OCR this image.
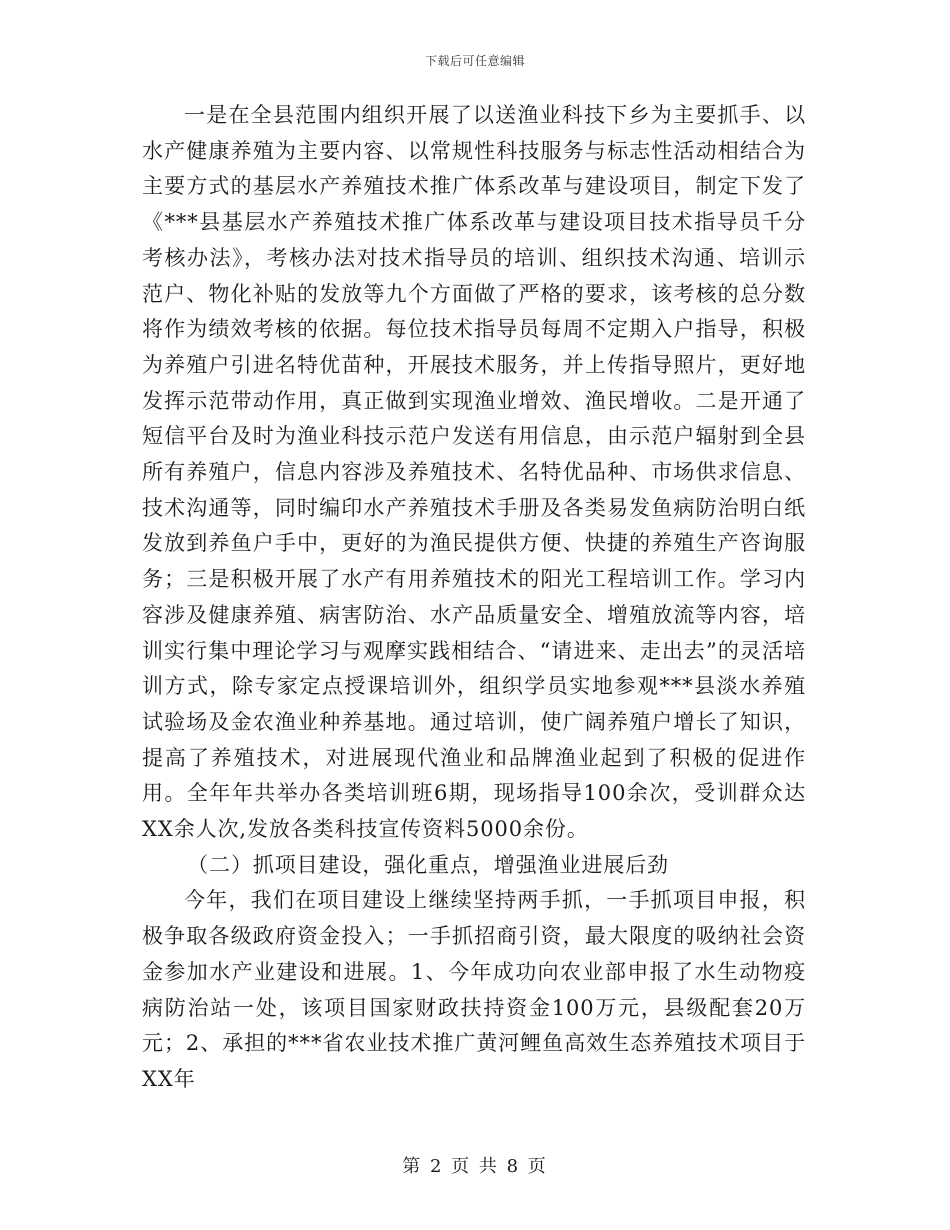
下载后可任意编辑

一是在全县范围内组织开展了以送渔业科技下乡为主要抓手、以水产健康养殖为主要内容、以常规性科技服务与标志性活动相结合为主要方式的基层水产养殖技术推广体系改革与建设项目，制定下发了《***县基层水产养殖技术推广体系改革与建设项目技术指导员千分考核办法》，考核办法对技术指导员的培训、组织技术沟通、培训示范户、物化补贴的发放等九个方面做了严格的要求，该考核的总分数将作为绩效考核的依据。每位技术指导员每周不定期入户指导，积极为养殖户引进名特优苗种，开展技术服务，并上传指导照片，更好地发挥示范带动作用，真正做到实现渔业增效、渔民增收。二是开通了短信平台及时为渔业科技示范户发送有用信息，由示范户辐射到全县所有养殖户，信息内容涉及养殖技术、名特优品种、市场供求信息、技术沟通等，同时编印水产养殖技术手册及各类易发鱼病防治明白纸发放到养鱼户手中，更好的为渔民提供方便、快捷的养殖生产咨询服务；三是积极开展了水产有用养殖技术的阳光工程培训工作。学习内容涉及健康养殖、病害防治、水产品质量安全、增殖放流等内容，培训实行集中理论学习与观摩实践相结合、“请进来、走出去”的灵活培训方式，除专家定点授课培训外，组织学员实地参观***县淡水养殖试验场及金农渔业种养基地。通过培训，使广阔养殖户增长了知识，提高了养殖技术，对进展现代渔业和品牌渔业起到了积极的促进作用。全年年共举办各类培训班6期，现场指导100余次，受训群众达XX余人次,发放各类科技宣传资料5000余份。

（二）抓项目建设，强化重点，增强渔业进展后劲

今年，我们在项目建设上继续坚持两手抓，一手抓项目申报，积极争取各级政府资金投入；一手抓招商引资，最大限度的吸纳社会资金参加水产业建设和进展。1、今年成功向农业部申报了水生动物疫病防治站一处，该项目国家财政扶持资金100万元，县级配套20万元；2、承担的***省农业技术推广黄河鲤鱼高效生态养殖技术项目于XX年

第 2 页 共 8 页
